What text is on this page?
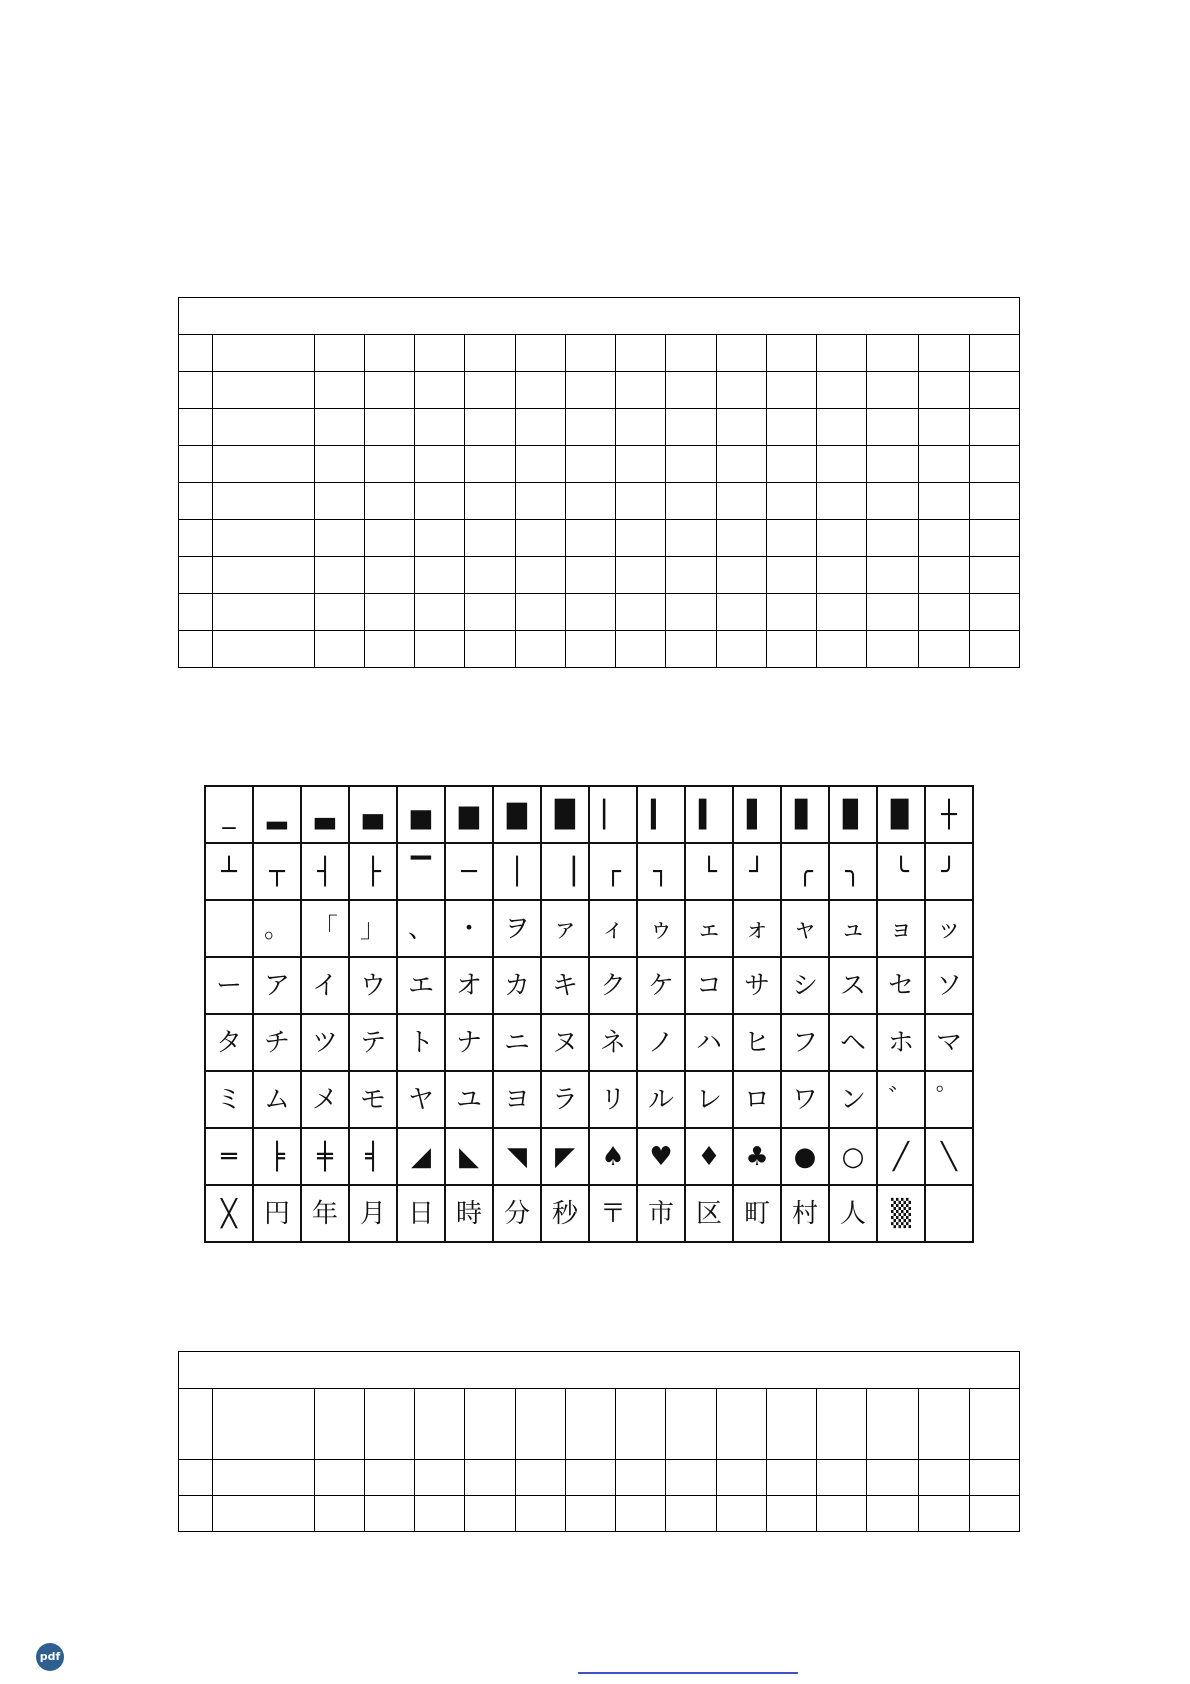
_	▂	▃	▄	▅	▆	▇	█	▏	▎	▍	▌	▋	▊	▉	┼
┴	┬	┤	├	▔	─	│	▕	┌	┐	└	┘	╭	╮	╰	╯
	。	「	」	、	・	ヲ	ァ	ィ	ゥ	ェ	ォ	ャ	ュ	ョ	ッ
ー	ア	イ	ウ	エ	オ	カ	キ	ク	ケ	コ	サ	シ	ス	セ	ソ
タ	チ	ツ	テ	ト	ナ	ニ	ヌ	ネ	ノ	ハ	ヒ	フ	ヘ	ホ	マ
ミ	ム	メ	モ	ヤ	ユ	ヨ	ラ	リ	ル	レ	ロ	ワ	ン	゛	゜
═	╞	╪	╡	◢	◣	◥	◤	♠	♥	♦	♣	●	○	╱	╲
╳	円	年	月	日	時	分	秒	〒	市	区	町	村	人	▒	

pdf
